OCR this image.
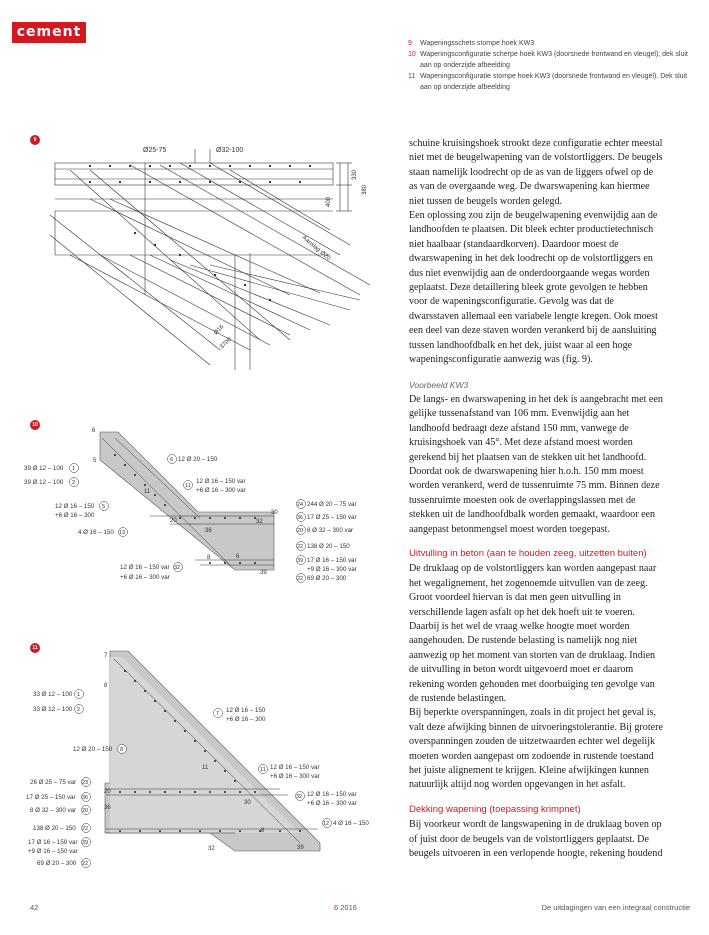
cement
9 Wapeningsschets stompe hoek KW3
10 Wapeningsconfiguratie scherpe hoek KW3 (doorsnede frontwand en vleugel), dek sluit aan op onderzijde afbeelding
11 Wapeningsconfiguratie stompe hoek KW3 (doorsnede frontwand en vleugel). Dek sluit aan op onderzijde afbeelding
9
Ø25-75	Ø32-100
330
400
380
Ø16
3700
Aanslag Ø20
10
6
5
39 Ø 12 – 100 1
39 Ø 12 – 100 2
6 12 Ø 20 – 150
11
12 Ø 16 – 150 var
+6 Ø 16 – 300 var
12 Ø 16 – 150
+6 Ø 16 – 300
5
4 Ø 16 – 150 13
12 Ø 16 – 150 var
+6 Ø 16 – 300 var
32
24 244 Ø 20 – 75 var
36 17 Ø 25 – 150 var
20 8 Ø 32 – 300 var
22 138 Ø 20 – 150
39 17 Ø 16 – 150 var
+9 Ø 16 – 300 var
22 69 Ø 20 – 300
11
20
36
32
30
8	6
39
11
7
8
33 Ø 12 – 100 1
33 Ø 12 – 100 2
12 Ø 20 – 150 8
7 12 Ø 16 – 150
+6 Ø 16 – 300
11 12 Ø 16 – 150 var
+6 Ø 16 – 300 var
26 Ø 25 – 75 var 23
17 Ø 25 – 150 var 36
8 Ø 32 – 300 var 20
32 12 Ø 16 – 150 var
+6 Ø 16 – 300 var
12 4 Ø 16 – 150
138 Ø 20 – 150 22
17 Ø 16 – 150 var
+9 Ø 16 – 150 var
39
69 Ø 20 – 300 22
11
20
36
8
32	39
30

schuine kruisingshoek strookt deze configuratie echter meestal niet met de beugelwapening van de volstortliggers. De beugels staan namelijk loodrecht op de as van de liggers ofwel op de as van de overgaande weg. De dwarswapening kan hiermee niet tussen de beugels worden gelegd.

Een oplossing zou zijn de beugelwapening evenwijdig aan de landhoofden te plaatsen. Dit bleek echter productietechnisch niet haalbaar (standaardkorven). Daardoor moest de dwarswapening in het dek loodrecht op de volstortliggers en dus niet evenwijdig aan de onderdoorgaande wegas worden geplaatst. Deze detaillering bleek grote gevolgen te hebben voor de wapeningsconfiguratie. Gevolg was dat de dwarsstaven allemaal een variabele lengte kregen. Ook moest een deel van deze staven worden verankerd bij de aansluiting tussen landhoofdbalk en het dek, juist waar al een hoge wapeningsconfiguratie aanwezig was (fig. 9).

Voorbeeld KW3

De langs- en dwarswapening in het dek is aangebracht met een gelijke tussenafstand van 106 mm. Evenwijdig aan het landhoofd bedraagt deze afstand 150 mm, vanwege de kruisingshoek van 45°. Met deze afstand moest worden gerekend bij het plaatsen van de stekken uit het landhoofd. Doordat ook de dwarswapening hier h.o.h. 150 mm moest worden verankerd, werd de tussenruimte 75 mm. Binnen deze tussenruimte moesten ook de overlappingslassen met de stekken uit de landhoofdbalk worden gemaakt, waardoor een aangepast betonmengsel moest worden toegepast.

Uitvulling in beton (aan te houden zeeg, uitzetten buiten)

De druklaag op de volstortliggers kan worden aangepast naar het wegalignement, het zogenoemde uitvullen van de zeeg. Groot voordeel hiervan is dat men geen uitvulling in verschillende lagen asfalt op het dek hoeft uit te voeren. Daarbij is het wel de vraag welke hoogte moet worden aangehouden. De rustende belasting is namelijk nog niet aanwezig op het moment van storten van de druklaag. Indien de uitvulling in beton wordt uitgevoerd moet er daarom rekening worden gehouden met doorbuiging ten gevolge van de rustende belastingen.

Bij beperkte overspanningen, zoals in dit project het geval is, valt deze afwijking binnen de uitvoeringstolerantie. Bij grotere overspanningen zouden de uitzetwaarden echter wel degelijk moeten worden aangepast om zodoende in rustende toestand het juiste alignement te krijgen. Kleine afwijkingen kunnen natuurlijk altijd nog worden opgevangen in het asfalt.

Dekking wapening (toepassing krimpnet)

Bij voorkeur wordt de langswapening in de druklaag boven op of juist door de beugels van de volstortliggers geplaatst. De beugels uitvoeren in een verlopende hoogte, rekening houdend

42	6 2016	De uitdagingen van een integraal constructie
